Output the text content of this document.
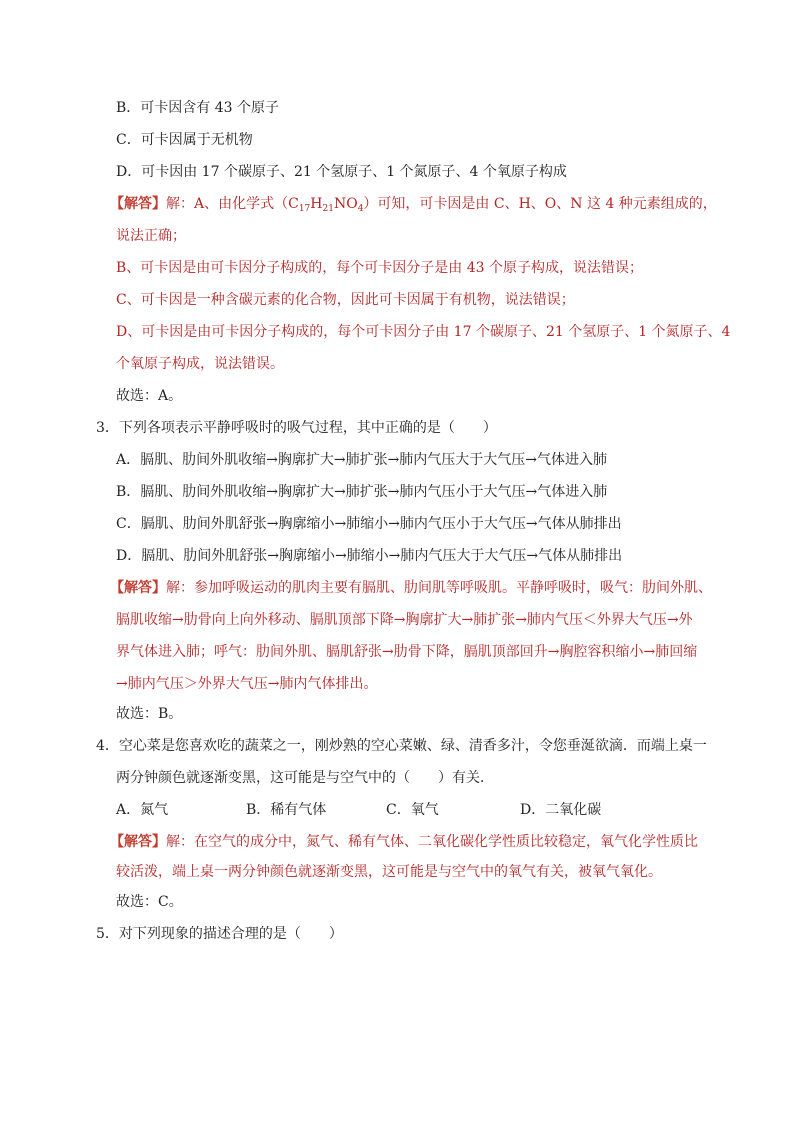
B．可卡因含有 43 个原子
C．可卡因属于无机物
D．可卡因由 17 个碳原子、21 个氢原子、1 个氮原子、4 个氧原子构成
【解答】解：A、由化学式$(C_{17}H_{21}NO_4)$可知，可卡因是由 C、H、O、N 这 4 种元素组成的，
说法正确；
B、可卡因是由可卡因分子构成的，每个可卡因分子是由 43 个原子构成，说法错误；
C、可卡因是一种含碳元素的化合物，因此可卡因属于有机物，说法错误；
D、可卡因是由可卡因分子构成的，每个可卡因分子由 17 个碳原子、21 个氢原子、1 个氮原子、4
个氧原子构成，说法错误。
故选：A。
3．下列各项表示平静呼吸时的吸气过程，其中正确的是（　　）
A．膈肌、肋间外肌收缩→胸廓扩大→肺扩张→肺内气压大于大气压→气体进入肺
B．膈肌、肋间外肌收缩→胸廓扩大→肺扩张→肺内气压小于大气压→气体进入肺
C．膈肌、肋间外肌舒张→胸廓缩小→肺缩小→肺内气压小于大气压→气体从肺排出
D．膈肌、肋间外肌舒张→胸廓缩小→肺缩小→肺内气压大于大气压→气体从肺排出
【解答】解：参加呼吸运动的肌肉主要有膈肌、肋间肌等呼吸肌。平静呼吸时，吸气：肋间外肌、
膈肌收缩→肋骨向上向外移动、膈肌顶部下降→胸廓扩大→肺扩张→肺内气压＜外界大气压→外
界气体进入肺；呼气：肋间外肌、膈肌舒张→肋骨下降，膈肌顶部回升→胸腔容积缩小→肺回缩
→肺内气压＞外界大气压→肺内气体排出。
故选：B。
4．空心菜是您喜欢吃的蔬菜之一，刚炒熟的空心菜嫩、绿、清香多汁，令您垂涎欲滴．而端上桌一
两分钟颜色就逐渐变黑，这可能是与空气中的（　　）有关．
A．氮气	B．稀有气体	C．氧气	D．二氧化碳
【解答】解：在空气的成分中，氮气、稀有气体、二氧化碳化学性质比较稳定，氧气化学性质比
较活泼，端上桌一两分钟颜色就逐渐变黑，这可能是与空气中的氧气有关，被氧气氧化。
故选：C。
5．对下列现象的描述合理的是（　　）
